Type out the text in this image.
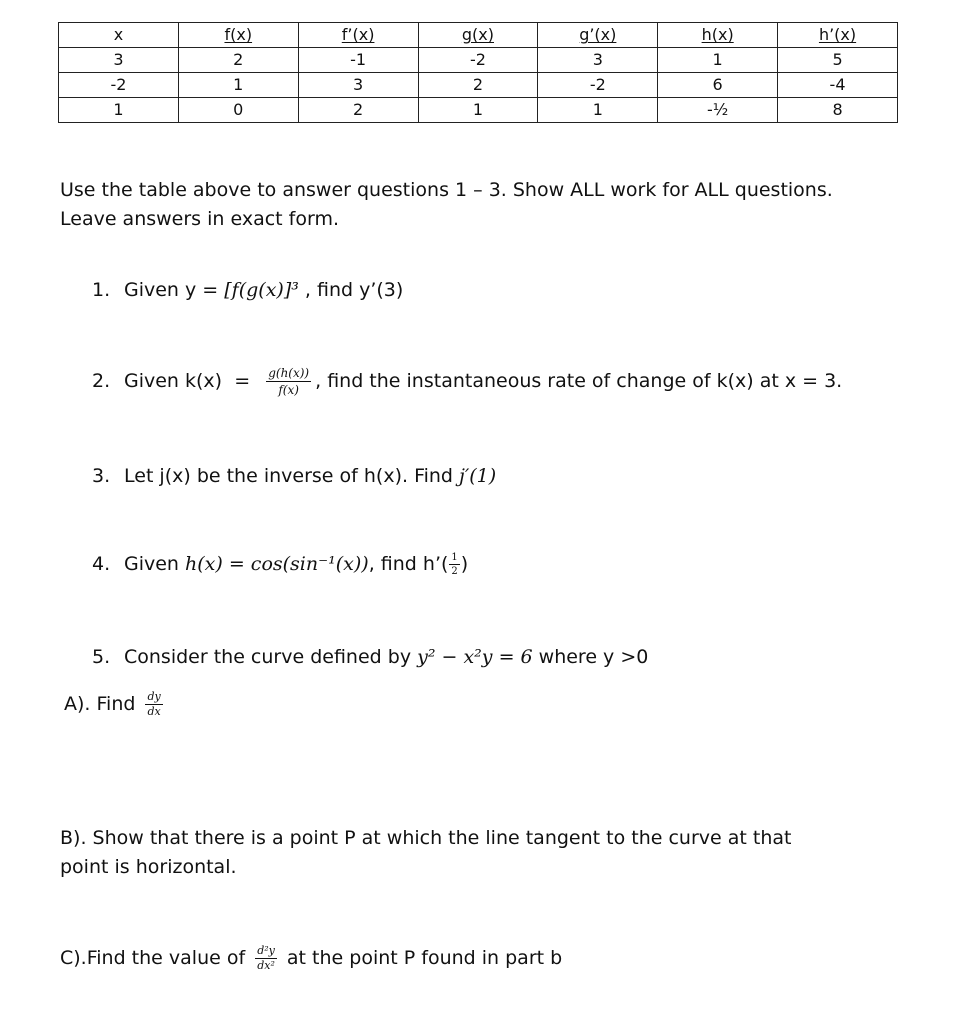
x	f(x)	f’(x)	g(x)	g’(x)	h(x)	h’(x)
3	2	-1	-2	3	1	5
-2	1	3	2	-2	6	-4
1	0	2	1	1	-½	8
Use the table above to answer questions 1 – 3. Show ALL work for ALL questions.
Leave answers in exact form.
1. Given y = [f(g(x)]³ , find y’(3)
2. Given $k(x) = \frac{g(h(x))}{f(x)}$ , find the instantaneous rate of change of k(x) at x = 3.
3. Let j(x) be the inverse of h(x). Find j′(1)
4. Given h(x) = cos(sin⁻¹(x)), find h’( $\frac{1}{2}$ )
5. Consider the curve defined by y² − x²y = 6 where y >0
A). Find $\frac{dy}{dx}$
B). Show that there is a point P at which the line tangent to the curve at that
point is horizontal.
C).Find the value of $\frac{\text{d²y}}{\text{dx²}}$ at the point P found in part b
